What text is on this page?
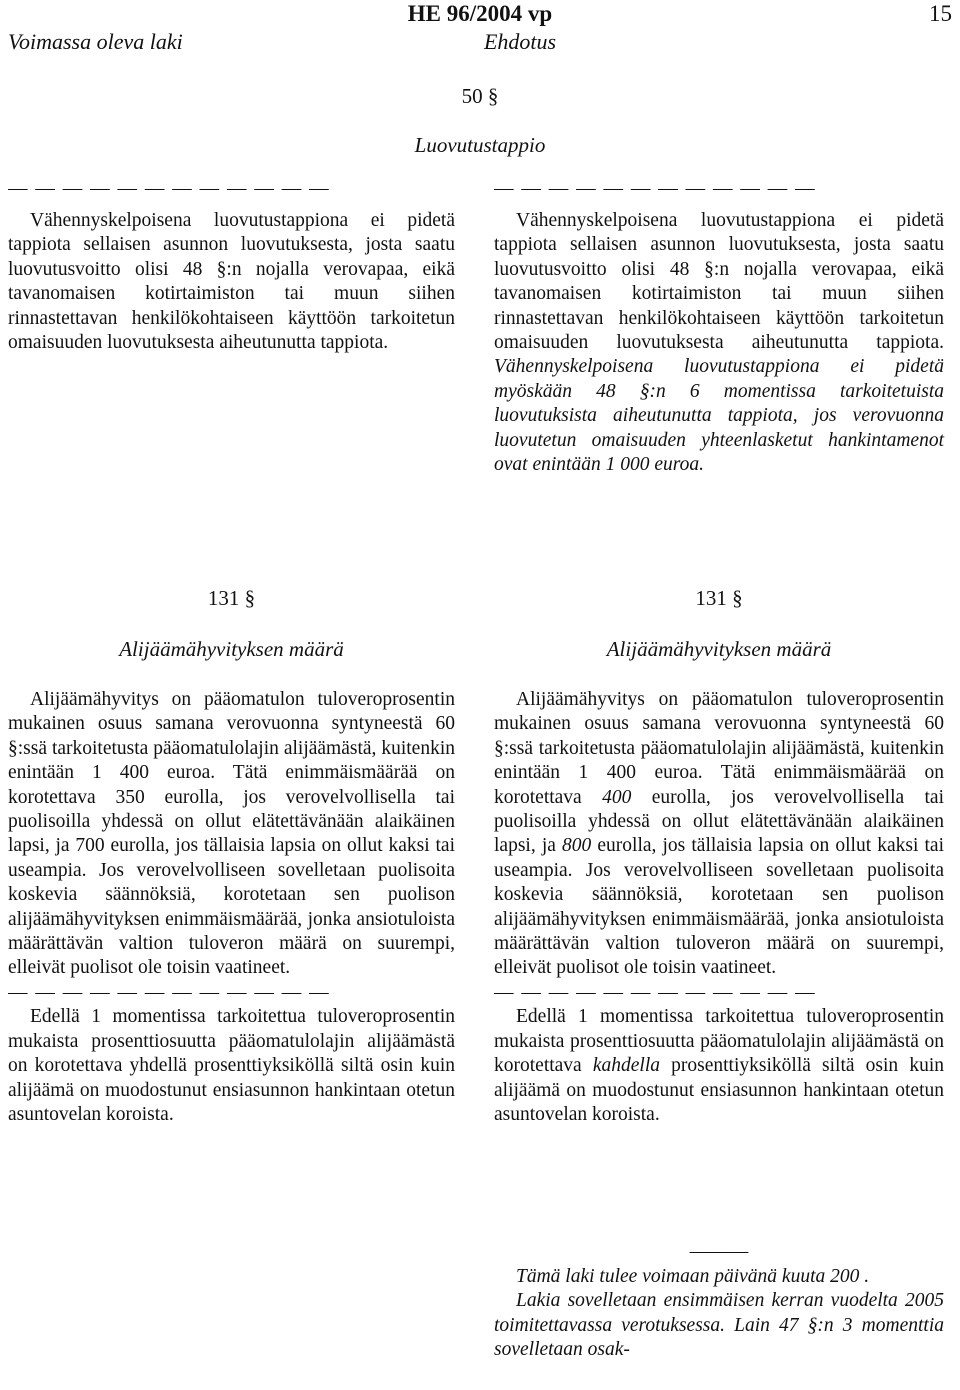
HE 96/2004 vp	15
Voimassa oleva laki	Ehdotus
50 §
Luovutustappio
— — — — — — — — — — — —

Vähennyskelpoisena luovutustappiona ei pidetä tappiota sellaisen asunnon luovutuksesta, josta saatu luovutusvoitto olisi 48 §:n nojalla verovapaa, eikä tavanomaisen kotirtaimiston tai muun siihen rinnastettavan henkilökohtaiseen käyttöön tarkoitetun omaisuuden luovutuksesta aiheutunutta tappiota.

— — — — — — — — — — — —

Vähennyskelpoisena luovutustappiona ei pidetä tappiota sellaisen asunnon luovutuksesta, josta saatu luovutusvoitto olisi 48 §:n nojalla verovapaa, eikä tavanomaisen kotirtaimiston tai muun siihen rinnastettavan henkilökohtaiseen käyttöön tarkoitetun omaisuuden luovutuksesta aiheutunutta tappiota. Vähennyskelpoisena luovutustappiona ei pidetä myöskään 48 §:n 6 momentissa tarkoitetuista luovutuksista aiheutunutta tappiota, jos verovuonna luovutetun omaisuuden yhteenlasketut hankintamenot ovat enintään 1 000 euroa.

131 §
Alijäämähyvityksen määrä

Alijäämähyvitys on pääomatulon tuloveroprosentin mukainen osuus samana verovuonna syntyneestä 60 §:ssä tarkoitetusta pääomatulolajin alijäämästä, kuitenkin enintään 1 400 euroa. Tätä enimmäismäärää on korotettava 350 eurolla, jos verovelvollisella tai puolisoilla yhdessä on ollut elätettävänään alaikäinen lapsi, ja 700 eurolla, jos tällaisia lapsia on ollut kaksi tai useampia. Jos verovelvolliseen sovelletaan puolisoita koskevia säännöksiä, korotetaan sen puolison alijäämähyvityksen enimmäismäärää, jonka ansiotuloista määrättävän valtion tuloveron määrä on suurempi, elleivät puolisot ole toisin vaatineet.

— — — — — — — — — — — —

Edellä 1 momentissa tarkoitettua tuloveroprosentin mukaista prosenttiosuutta pääomatulolajin alijäämästä on korotettava yhdellä prosenttiyksiköllä siltä osin kuin alijäämä on muodostunut ensiasunnon hankintaan otetun asuntovelan koroista.

131 §
Alijäämähyvityksen määrä

Alijäämähyvitys on pääomatulon tuloveroprosentin mukainen osuus samana verovuonna syntyneestä 60 §:ssä tarkoitetusta pääomatulolajin alijäämästä, kuitenkin enintään 1 400 euroa. Tätä enimmäismäärää on korotettava 400 eurolla, jos verovelvollisella tai puolisoilla yhdessä on ollut elätettävänään alaikäinen lapsi, ja 800 eurolla, jos tällaisia lapsia on ollut kaksi tai useampia. Jos verovelvolliseen sovelletaan puolisoita koskevia säännöksiä, korotetaan sen puolison alijäämähyvityksen enimmäismäärää, jonka ansiotuloista määrättävän valtion tuloveron määrä on suurempi, elleivät puolisot ole toisin vaatineet.

— — — — — — — — — — — —

Edellä 1 momentissa tarkoitettua tuloveroprosentin mukaista prosenttiosuutta pääomatulolajin alijäämästä on korotettava kahdella prosenttiyksiköllä siltä osin kuin alijäämä on muodostunut ensiasunnon hankintaan otetun asuntovelan koroista.

———

Tämä laki tulee voimaan päivänä kuuta 200 .

Lakia sovelletaan ensimmäisen kerran vuodelta 2005 toimitettavassa verotuksessa. Lain 47 §:n 3 momenttia sovelletaan osak-
